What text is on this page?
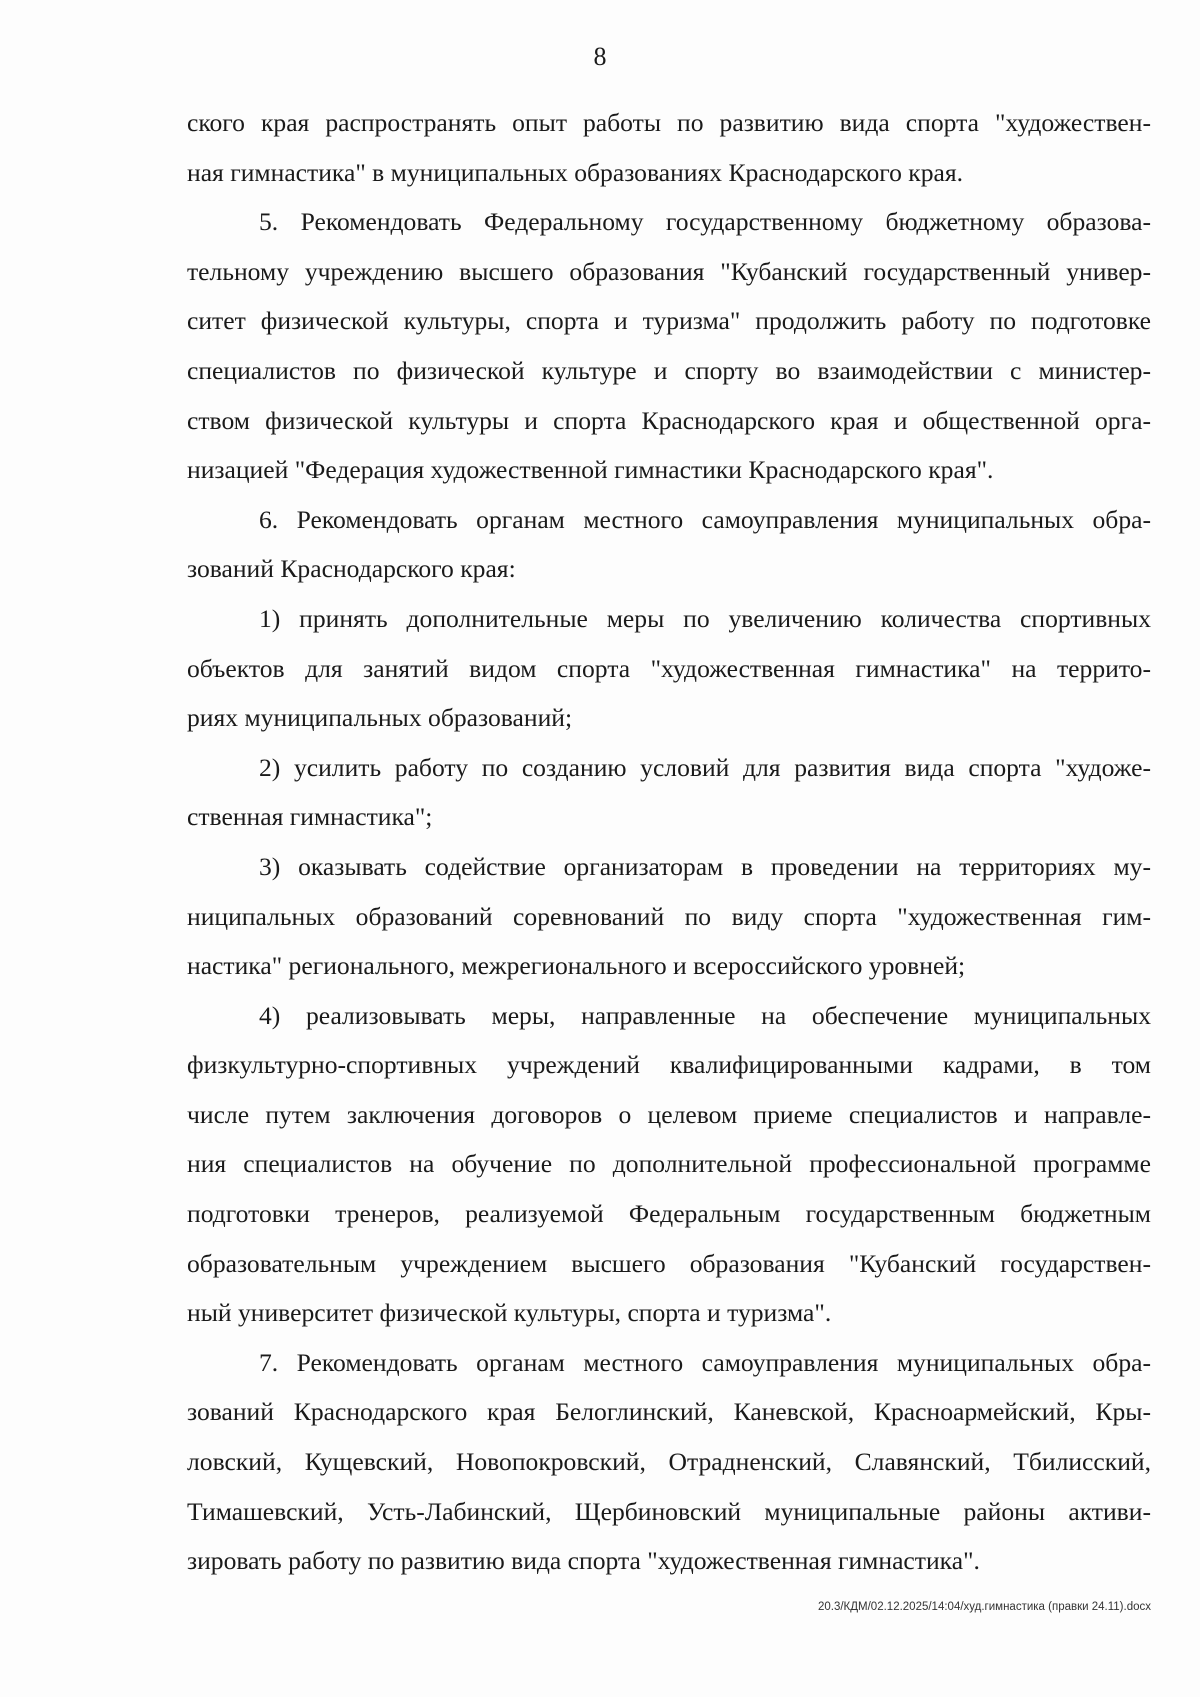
8
ского края распространять опыт работы по развитию вида спорта "художествен-
ная гимнастика" в муниципальных образованиях Краснодарского края.
5. Рекомендовать Федеральному государственному бюджетному образова-
тельному учреждению высшего образования "Кубанский государственный универ-
ситет физической культуры, спорта и туризма" продолжить работу по подготовке
специалистов по физической культуре и спорту во взаимодействии с министер-
ством физической культуры и спорта Краснодарского края и общественной орга-
низацией "Федерация художественной гимнастики Краснодарского края".
6. Рекомендовать органам местного самоуправления муниципальных обра-
зований Краснодарского края:
1) принять дополнительные меры по увеличению количества спортивных
объектов для занятий видом спорта "художественная гимнастика" на террито-
риях муниципальных образований;
2) усилить работу по созданию условий для развития вида спорта "художе-
ственная гимнастика";
3) оказывать содействие организаторам в проведении на территориях му-
ниципальных образований соревнований по виду спорта "художественная гим-
настика" регионального, межрегионального и всероссийского уровней;
4) реализовывать меры, направленные на обеспечение муниципальных
физкультурно-спортивных учреждений квалифицированными кадрами, в том
числе путем заключения договоров о целевом приеме специалистов и направле-
ния специалистов на обучение по дополнительной профессиональной программе
подготовки тренеров, реализуемой Федеральным государственным бюджетным
образовательным учреждением высшего образования "Кубанский государствен-
ный университет физической культуры, спорта и туризма".
7. Рекомендовать органам местного самоуправления муниципальных обра-
зований Краснодарского края Белоглинский, Каневской, Красноармейский, Кры-
ловский, Кущевский, Новопокровский, Отрадненский, Славянский, Тбилисский,
Тимашевский, Усть-Лабинский, Щербиновский муниципальные районы активи-
зировать работу по развитию вида спорта "художественная гимнастика".
20.3/КДМ/02.12.2025/14:04/худ.гимнастика (правки 24.11).docx
